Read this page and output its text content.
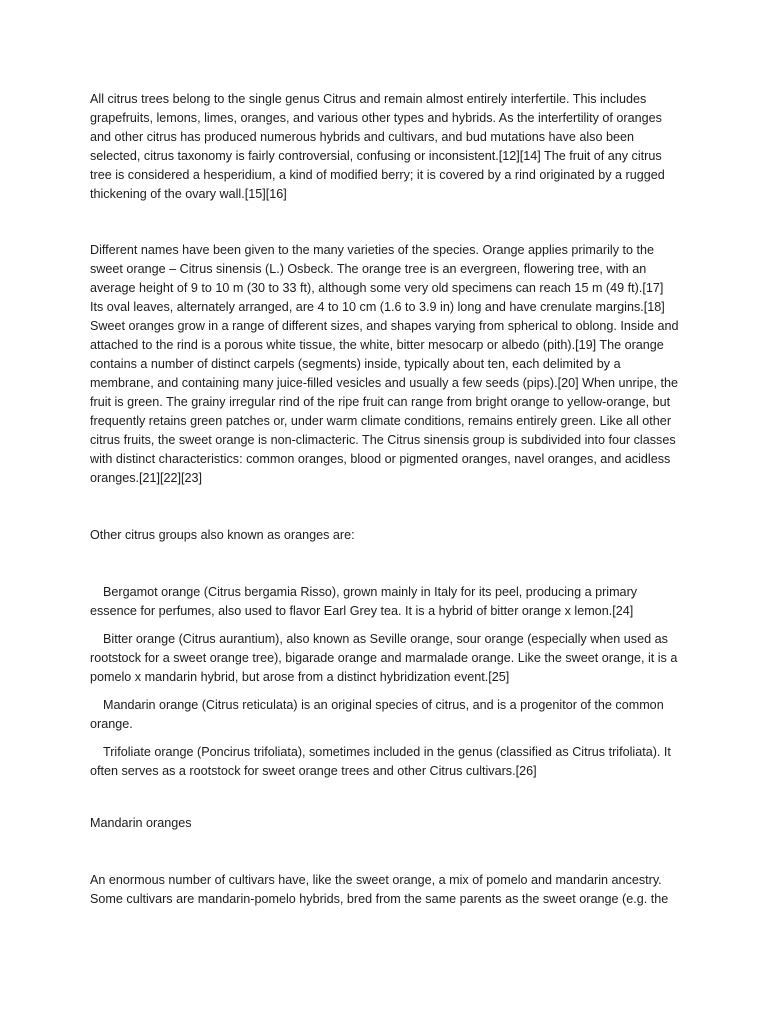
All citrus trees belong to the single genus Citrus and remain almost entirely interfertile. This includes grapefruits, lemons, limes, oranges, and various other types and hybrids. As the interfertility of oranges and other citrus has produced numerous hybrids and cultivars, and bud mutations have also been selected, citrus taxonomy is fairly controversial, confusing or inconsistent.[12][14] The fruit of any citrus tree is considered a hesperidium, a kind of modified berry; it is covered by a rind originated by a rugged thickening of the ovary wall.[15][16]

Different names have been given to the many varieties of the species. Orange applies primarily to the sweet orange – Citrus sinensis (L.) Osbeck. The orange tree is an evergreen, flowering tree, with an average height of 9 to 10 m (30 to 33 ft), although some very old specimens can reach 15 m (49 ft).[17] Its oval leaves, alternately arranged, are 4 to 10 cm (1.6 to 3.9 in) long and have crenulate margins.[18] Sweet oranges grow in a range of different sizes, and shapes varying from spherical to oblong. Inside and attached to the rind is a porous white tissue, the white, bitter mesocarp or albedo (pith).[19] The orange contains a number of distinct carpels (segments) inside, typically about ten, each delimited by a membrane, and containing many juice-filled vesicles and usually a few seeds (pips).[20] When unripe, the fruit is green. The grainy irregular rind of the ripe fruit can range from bright orange to yellow-orange, but frequently retains green patches or, under warm climate conditions, remains entirely green. Like all other citrus fruits, the sweet orange is non-climacteric. The Citrus sinensis group is subdivided into four classes with distinct characteristics: common oranges, blood or pigmented oranges, navel oranges, and acidless oranges.[21][22][23]

Other citrus groups also known as oranges are:

Bergamot orange (Citrus bergamia Risso), grown mainly in Italy for its peel, producing a primary essence for perfumes, also used to flavor Earl Grey tea. It is a hybrid of bitter orange x lemon.[24]

Bitter orange (Citrus aurantium), also known as Seville orange, sour orange (especially when used as rootstock for a sweet orange tree), bigarade orange and marmalade orange. Like the sweet orange, it is a pomelo x mandarin hybrid, but arose from a distinct hybridization event.[25]

Mandarin orange (Citrus reticulata) is an original species of citrus, and is a progenitor of the common orange.

Trifoliate orange (Poncirus trifoliata), sometimes included in the genus (classified as Citrus trifoliata). It often serves as a rootstock for sweet orange trees and other Citrus cultivars.[26]

Mandarin oranges

An enormous number of cultivars have, like the sweet orange, a mix of pomelo and mandarin ancestry. Some cultivars are mandarin-pomelo hybrids, bred from the same parents as the sweet orange (e.g. the
